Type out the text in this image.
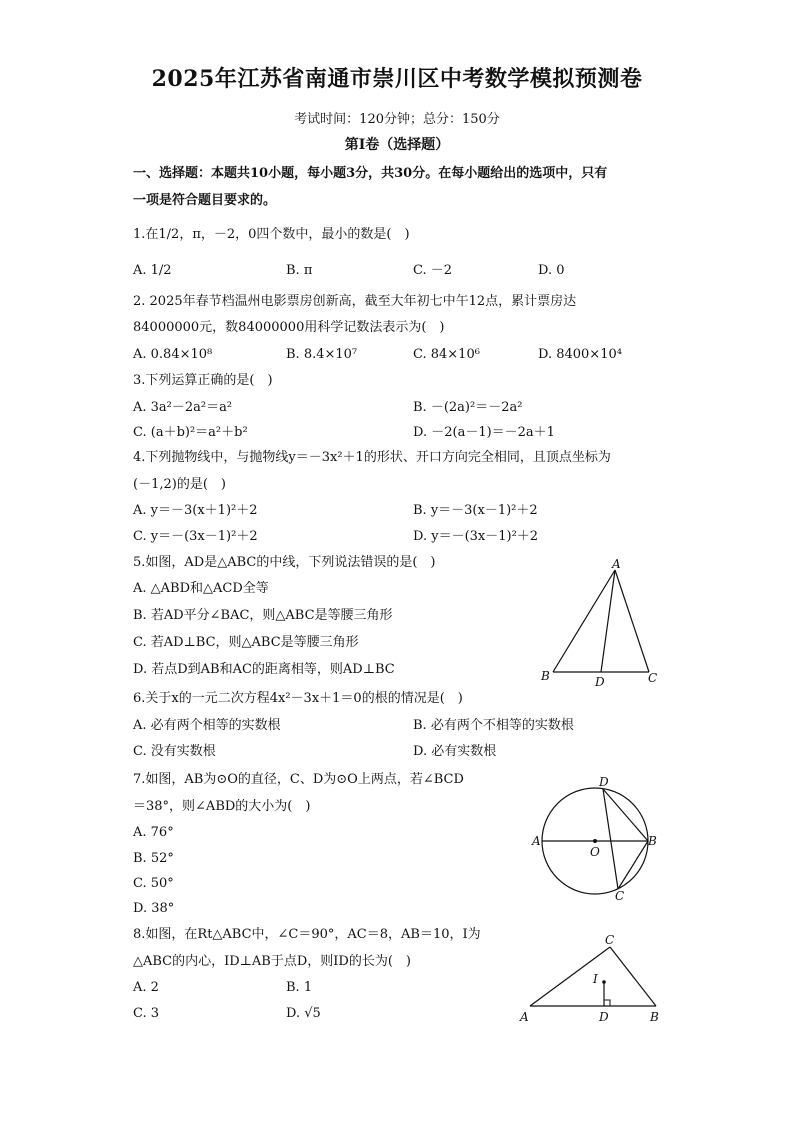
2025年江苏省南通市崇川区中考数学模拟预测卷
考试时间：120分钟；总分：150分
第I卷（选择题）
一、选择题：本题共10小题，每小题3分，共30分。在每小题给出的选项中，只有
一项是符合题目要求的。
1.在1/2，π，－2，0四个数中，最小的数是(　)
A. 1/2	B. π	C. －2	D. 0
2. 2025年春节档温州电影票房创新高，截至大年初七中午12点，累计票房达
84000000元，数84000000用科学记数法表示为(　)
A. 0.84×10⁸	B. 8.4×10⁷	C. 84×10⁶	D. 8400×10⁴
3.下列运算正确的是(　)
A. 3a²－2a²＝a²	B. －(2a)²＝－2a²
C. (a＋b)²＝a²＋b²	D. －2(a－1)＝－2a＋1
4.下列抛物线中，与抛物线y＝－3x²＋1的形状、开口方向完全相同，且顶点坐标为
(－1,2)的是(　)
A. y＝－3(x＋1)²＋2	B. y＝－3(x－1)²＋2
C. y＝－(3x－1)²＋2	D. y＝－(3x－1)²＋2
5.如图，AD是△ABC的中线，下列说法错误的是(　)
A. △ABD和△ACD全等
B. 若AD平分∠BAC，则△ABC是等腰三角形
C. 若AD⊥BC，则△ABC是等腰三角形
D. 若点D到AB和AC的距离相等，则AD⊥BC
A
B	D	C
6.关于x的一元二次方程4x²－3x＋1＝0的根的情况是(　)
A. 必有两个相等的实数根	B. 必有两个不相等的实数根
C. 没有实数根	D. 必有实数根
7.如图，AB为⊙O的直径，C、D为⊙O上两点，若∠BCD
＝38°，则∠ABD的大小为(　)
A. 76°
B. 52°
C. 50°
D. 38°
D
A
O
B
C
8.如图，在Rt△ABC中，∠C＝90°，AC＝8，AB＝10，I为
△ABC的内心，ID⊥AB于点D，则ID的长为(　)
A. 2	B. 1
C. 3	D. √5
C
I
A	D	B
